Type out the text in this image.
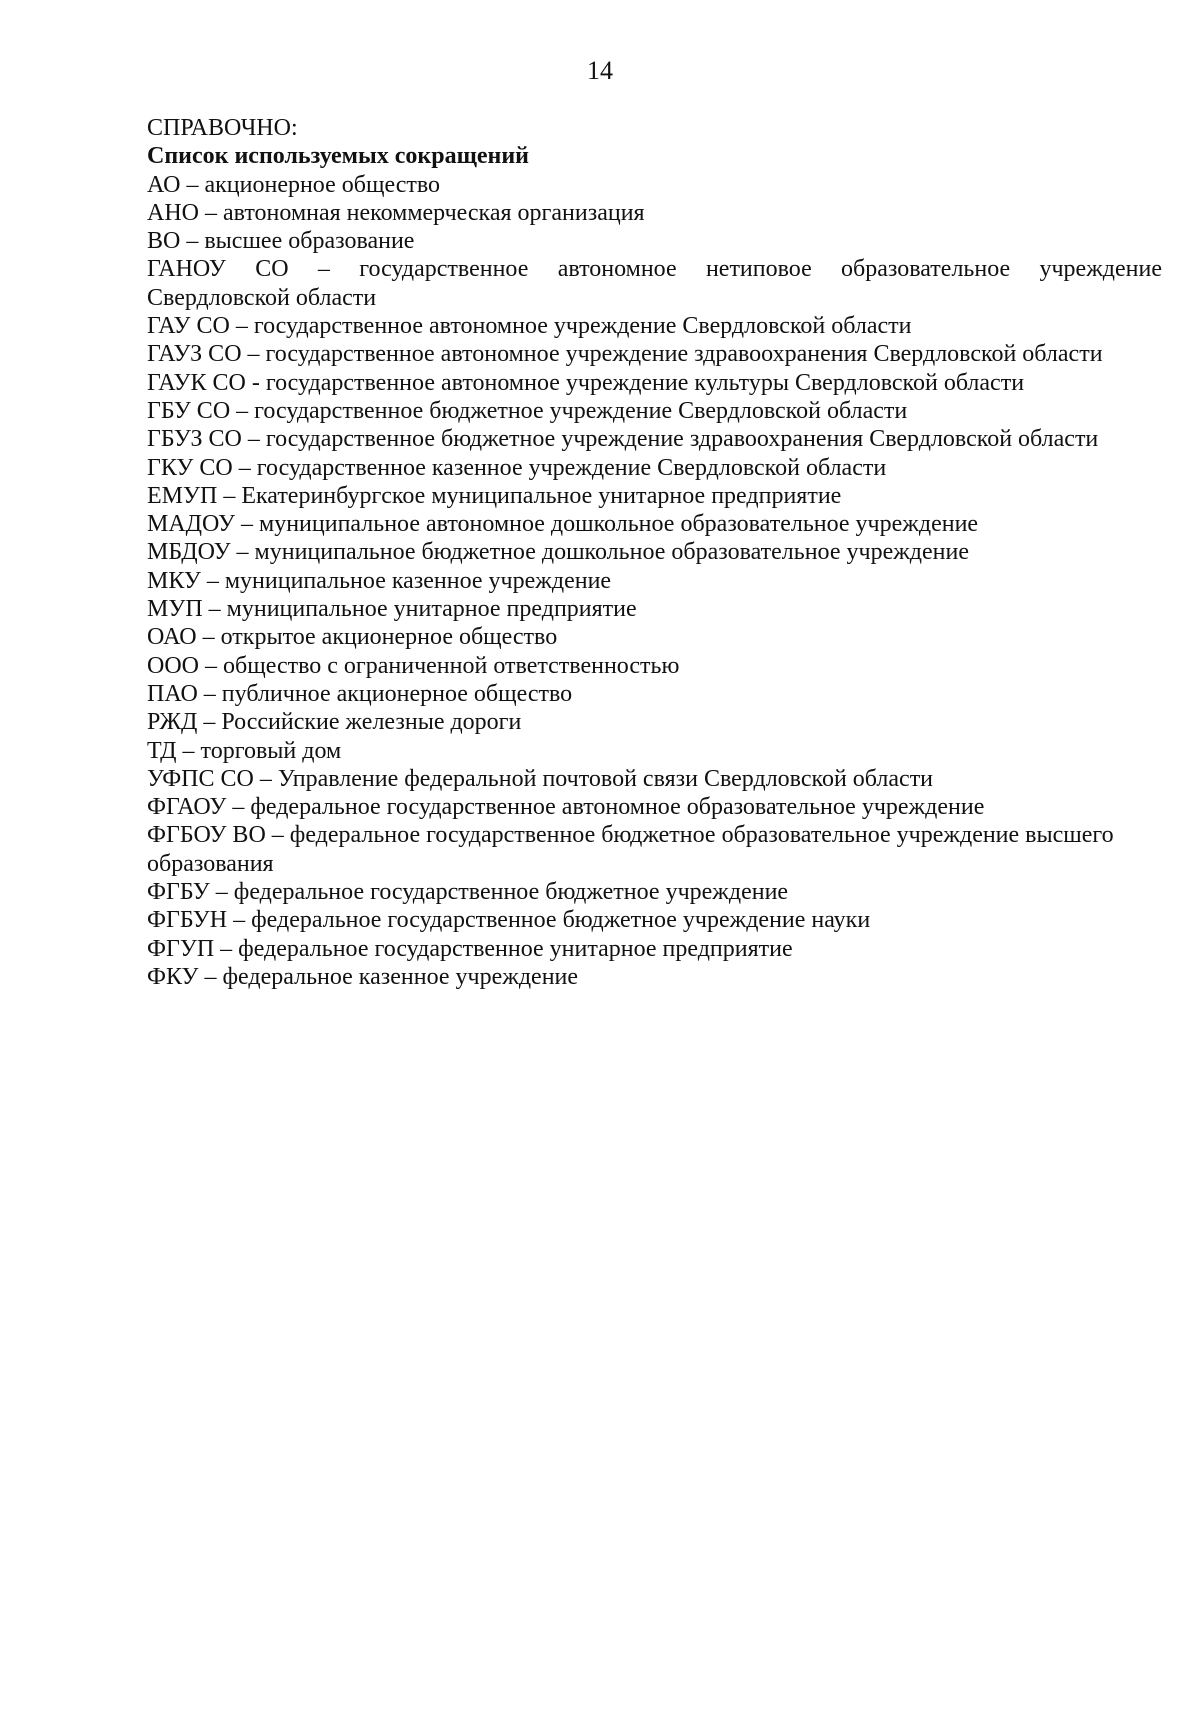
14

СПРАВОЧНО:

Список используемых сокращений

АО – акционерное общество

АНО – автономная некоммерческая организация

ВО – высшее образование

ГАНОУ СО – государственное автономное нетиповое образовательное учреждение

Свердловской области

ГАУ СО – государственное автономное учреждение Свердловской области

ГАУЗ СО – государственное автономное учреждение здравоохранения Свердловской области

ГАУК СО - государственное автономное учреждение культуры Свердловской области

ГБУ СО – государственное бюджетное учреждение Свердловской области

ГБУЗ СО – государственное бюджетное учреждение здравоохранения Свердловской области

ГКУ СО – государственное казенное учреждение Свердловской области

ЕМУП – Екатеринбургское муниципальное унитарное предприятие

МАДОУ – муниципальное автономное дошкольное образовательное учреждение

МБДОУ – муниципальное бюджетное дошкольное образовательное учреждение

МКУ – муниципальное казенное учреждение

МУП – муниципальное унитарное предприятие

ОАО – открытое акционерное общество

ООО – общество с ограниченной ответственностью

ПАО – публичное акционерное общество

РЖД – Российские железные дороги

ТД – торговый дом

УФПС СО – Управление федеральной почтовой связи Свердловской области

ФГАОУ – федеральное государственное автономное образовательное учреждение

ФГБОУ ВО – федеральное государственное бюджетное образовательное учреждение высшего

образования

ФГБУ – федеральное государственное бюджетное учреждение

ФГБУН – федеральное государственное бюджетное учреждение науки

ФГУП – федеральное государственное унитарное предприятие

ФКУ – федеральное казенное учреждение
